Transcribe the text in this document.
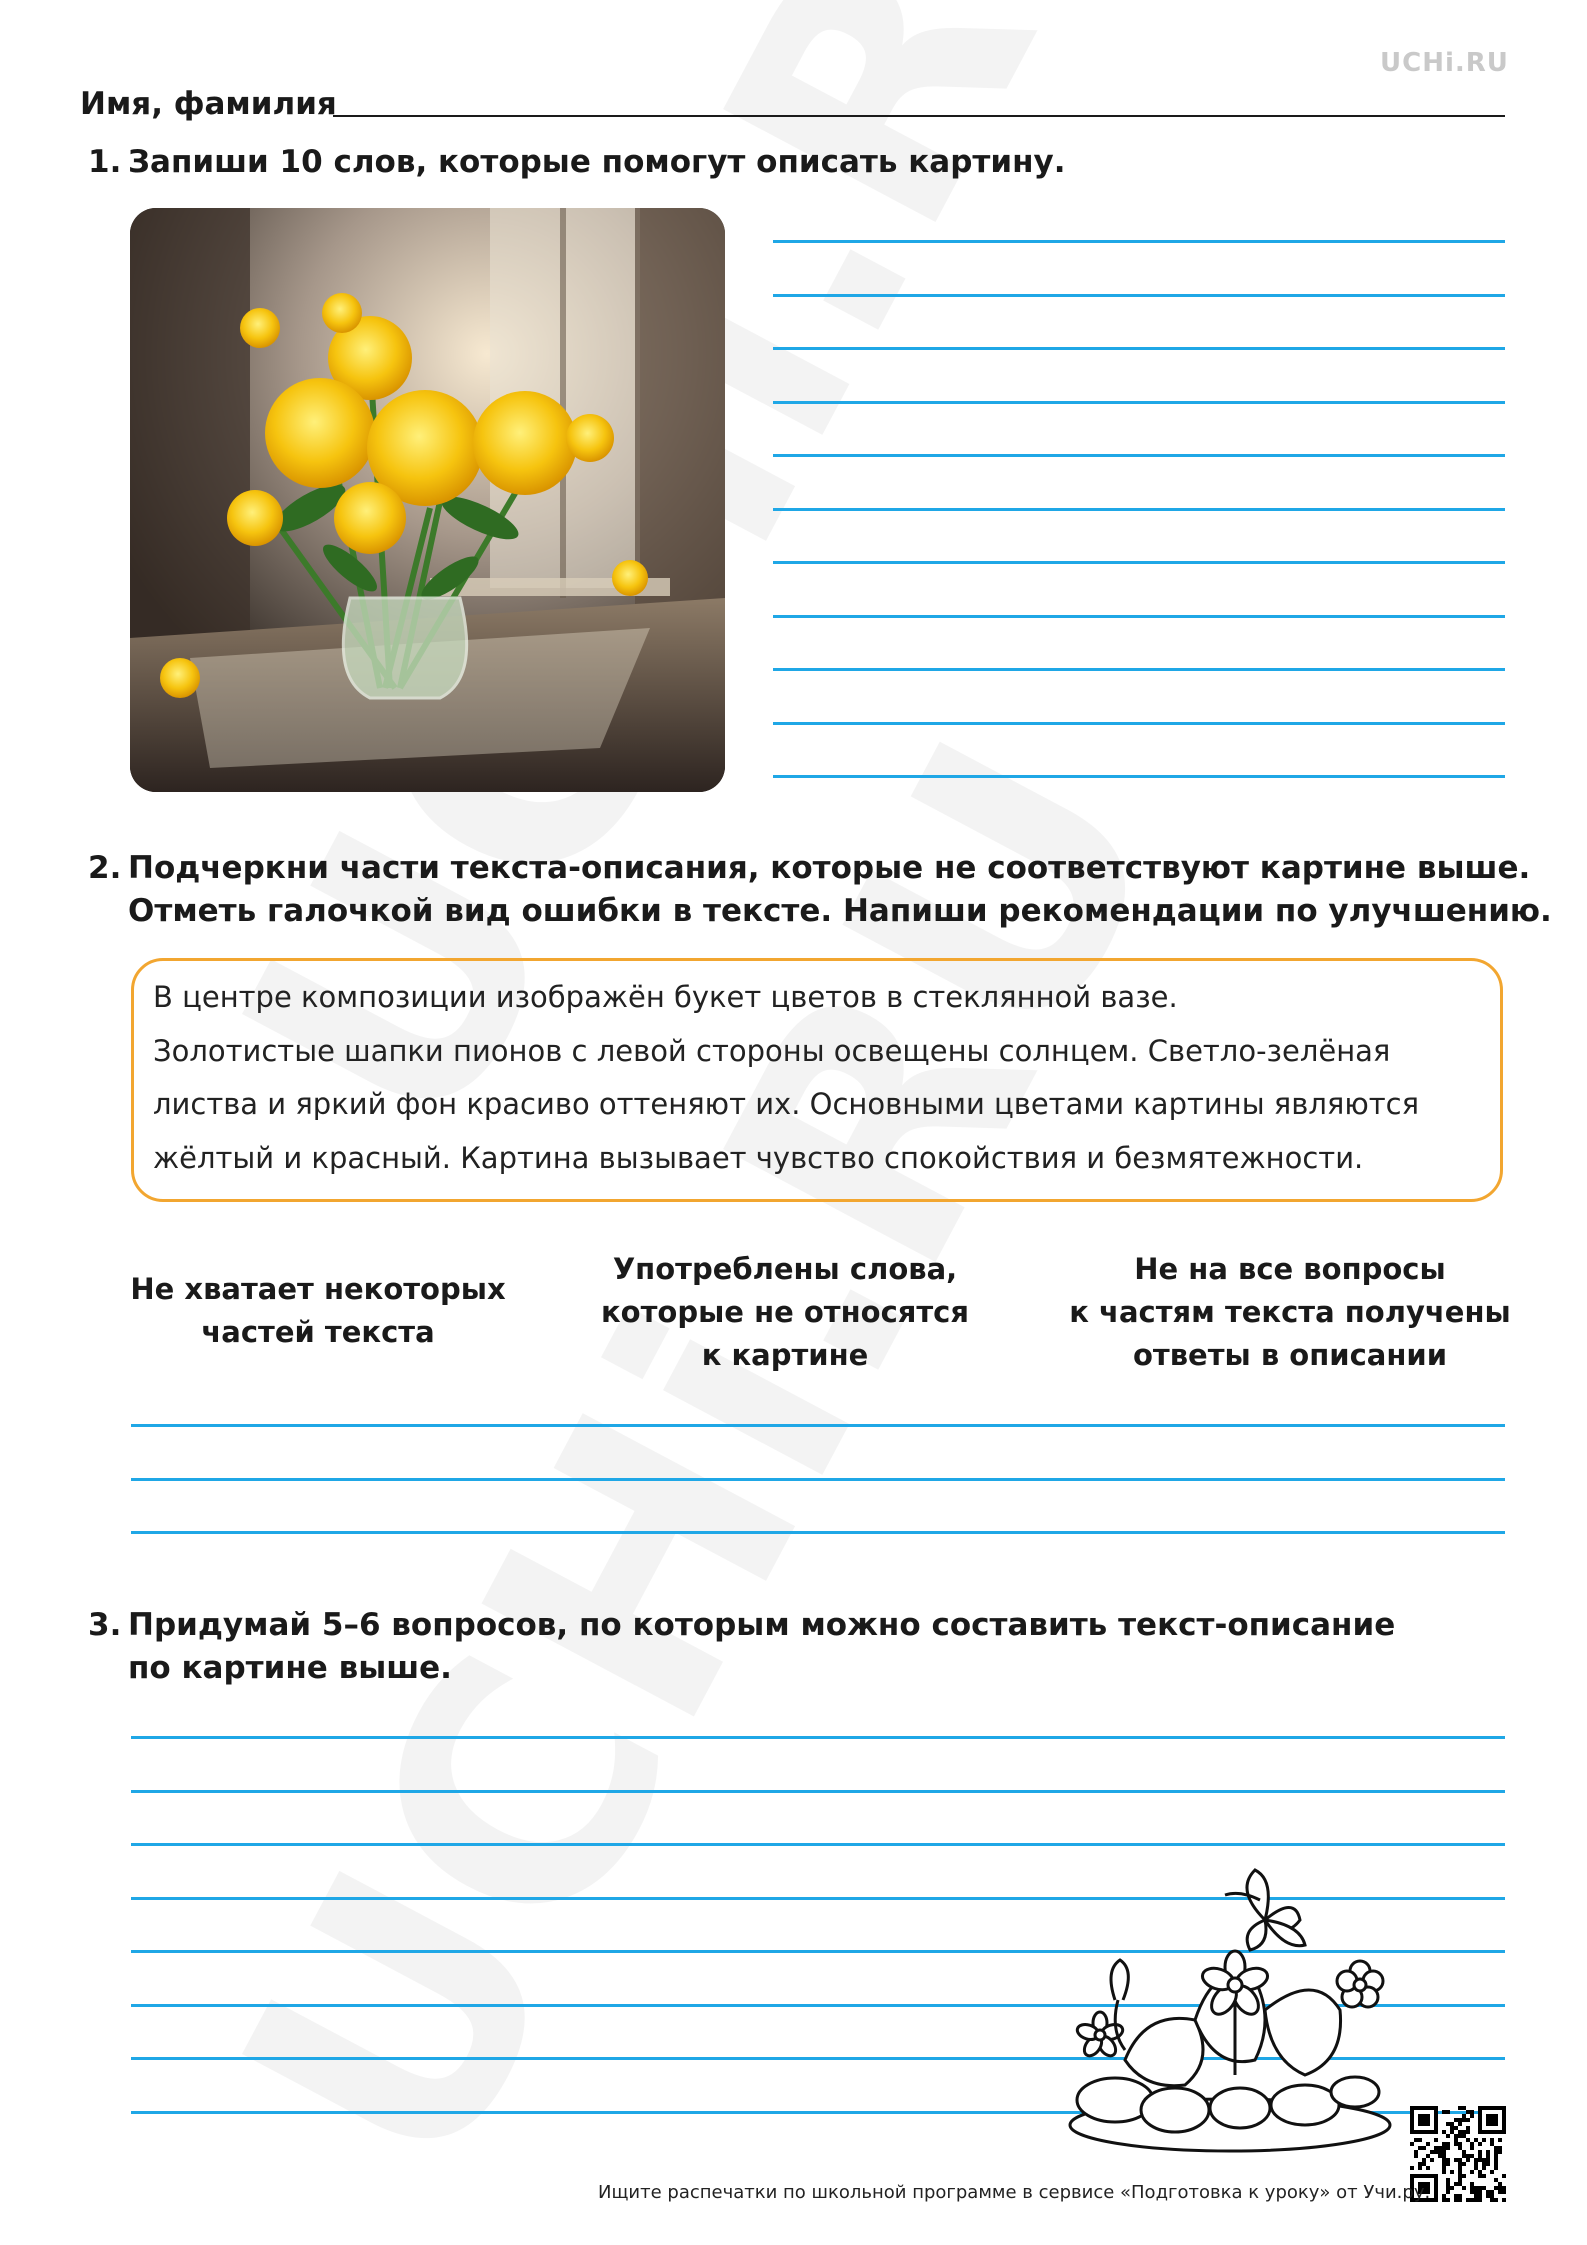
UCHi.RU
Имя, фамилия
1. Запиши 10 слов, которые помогут описать картину.
2. Подчеркни части текста-описания, которые не соответствуют картине выше.
Отметь галочкой вид ошибки в тексте. Напиши рекомендации по улучшению.
В центре композиции изображён букет цветов в стеклянной вазе.
Золотистые шапки пионов с левой стороны освещены солнцем. Светло-зелёная
листва и яркий фон красиво оттеняют их. Основными цветами картины являются
жёлтый и красный. Картина вызывает чувство спокойствия и безмятежности.
Не хватает некоторых
частей текста
Употреблены слова,
которые не относятся
к картине
Не на все вопросы
к частям текста получены
ответы в описании
3. Придумай 5–6 вопросов, по которым можно составить текст-описание
по картине выше.
Ищите распечатки по школьной программе в сервисе «Подготовка к уроку» от Учи.ру.
